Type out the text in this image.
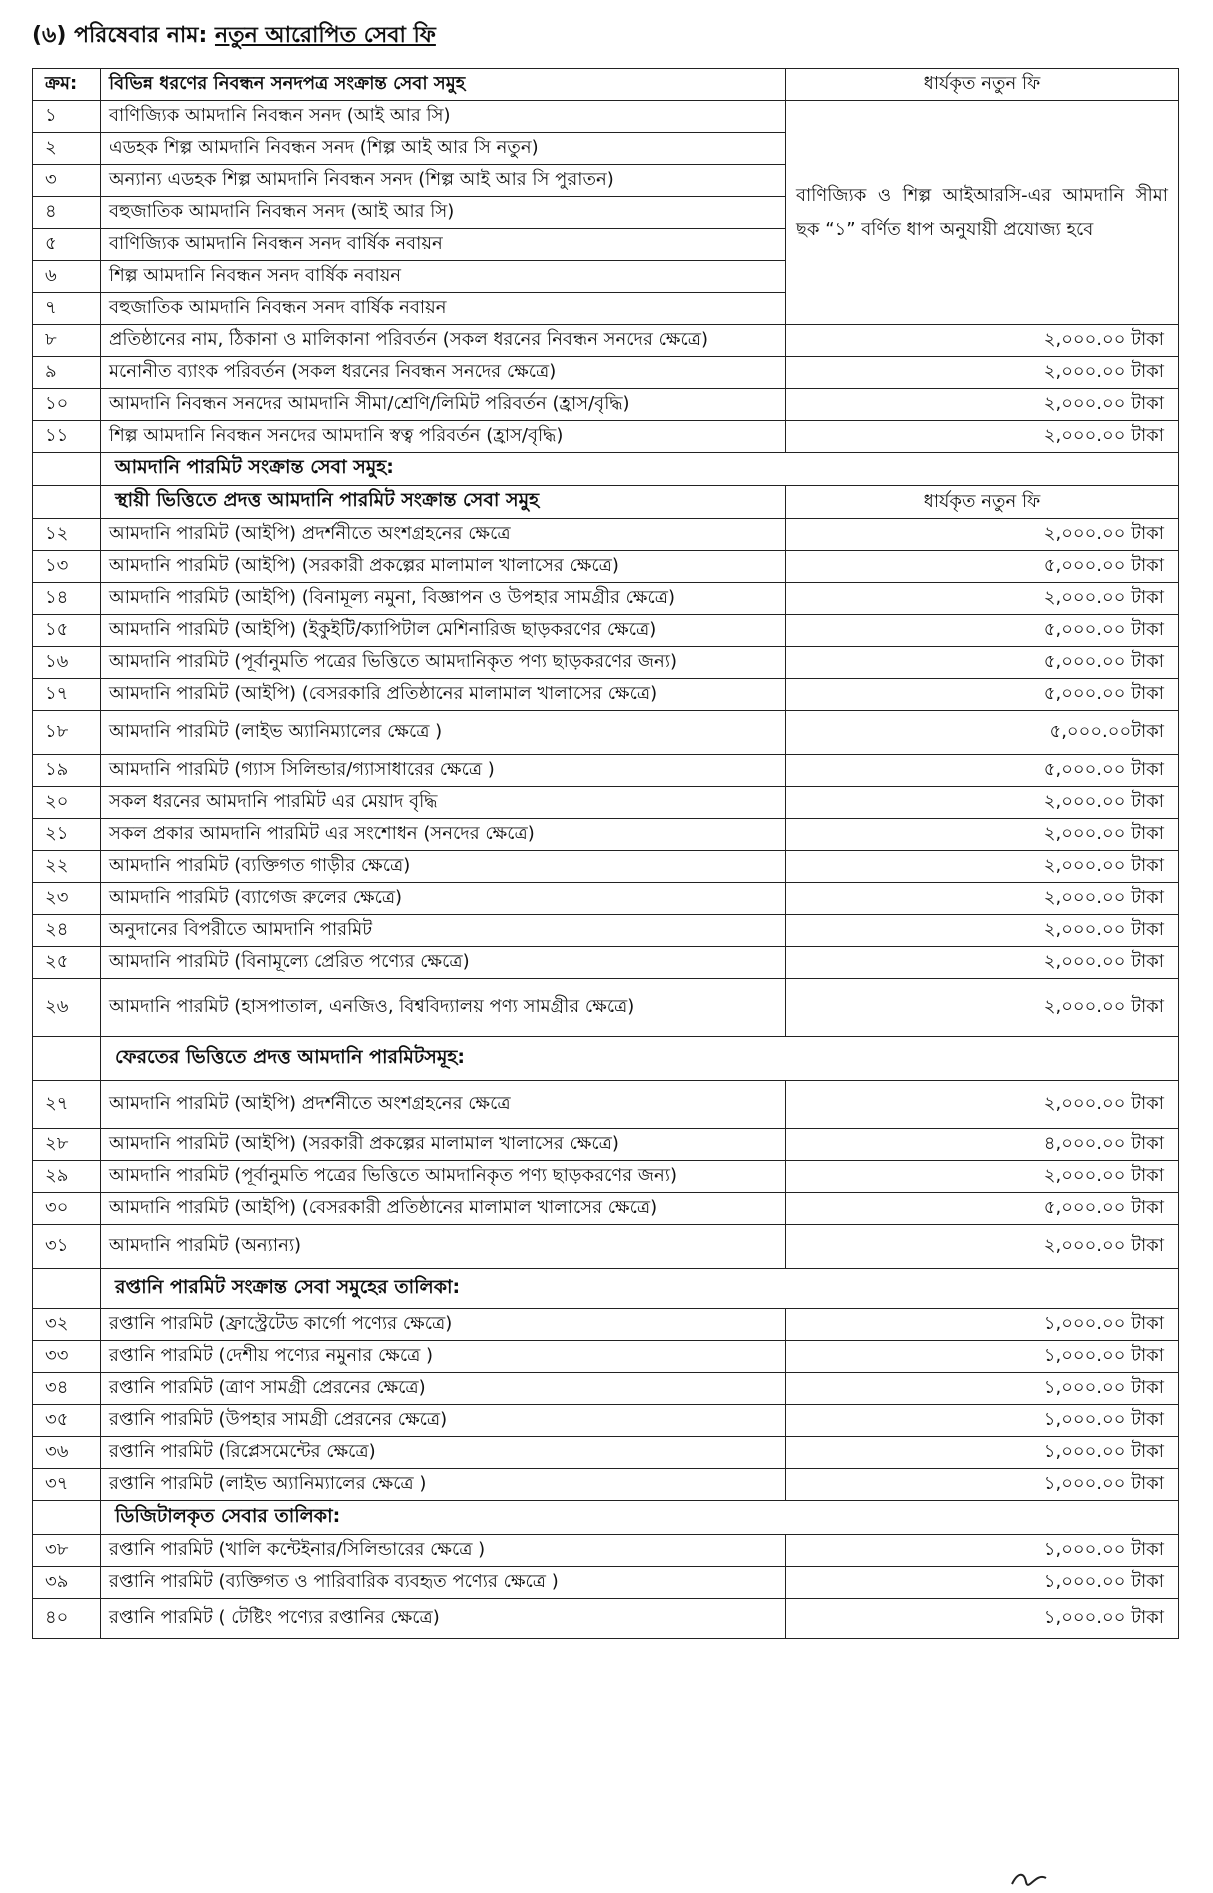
(৬) পরিষেবার নাম: নতুন আরোপিত সেবা ফি
ক্রম:	বিভিন্ন ধরণের নিবন্ধন সনদপত্র সংক্রান্ত সেবা সমুহ	ধার্যকৃত নতুন ফি
১	বাণিজ্যিক আমদানি নিবন্ধন সনদ (আই আর সি)	বাণিজ্যিক ও শিল্প আইআরসি-এর আমদানি সীমা ছক “১” বর্ণিত ধাপ অনুযায়ী প্রযোজ্য হবে
২	এডহক শিল্প আমদানি নিবন্ধন সনদ (শিল্প আই আর সি নতুন)	
৩	অন্যান্য এডহক শিল্প আমদানি নিবন্ধন সনদ (শিল্প আই আর সি পুরাতন)	
৪	বহুজাতিক আমদানি নিবন্ধন সনদ (আই আর সি)	
৫	বাণিজ্যিক আমদানি নিবন্ধন সনদ বার্ষিক নবায়ন	
৬	শিল্প আমদানি নিবন্ধন সনদ বার্ষিক নবায়ন	
৭	বহুজাতিক আমদানি নিবন্ধন সনদ বার্ষিক নবায়ন	
৮	প্রতিষ্ঠানের নাম, ঠিকানা ও মালিকানা পরিবর্তন (সকল ধরনের নিবন্ধন সনদের ক্ষেত্রে)	২,০০০.০০ টাকা
৯	মনোনীত ব্যাংক পরিবর্তন (সকল ধরনের নিবন্ধন সনদের ক্ষেত্রে)	২,০০০.০০ টাকা
১০	আমদানি নিবন্ধন সনদের আমদানি সীমা/শ্রেণি/লিমিট পরিবর্তন (হ্রাস/বৃদ্ধি)	২,০০০.০০ টাকা
১১	শিল্প আমদানি নিবন্ধন সনদের আমদানি স্বত্ব পরিবর্তন (হ্রাস/বৃদ্ধি)	২,০০০.০০ টাকা
	আমদানি পারমিট সংক্রান্ত সেবা সমুহ:	
	স্থায়ী ভিত্তিতে প্রদত্ত আমদানি পারমিট সংক্রান্ত সেবা সমুহ	ধার্যকৃত নতুন ফি
১২	আমদানি পারমিট (আইপি) প্রদর্শনীতে অংশগ্রহনের ক্ষেত্রে	২,০০০.০০ টাকা
১৩	আমদানি পারমিট (আইপি) (সরকারী প্রকল্পের মালামাল খালাসের ক্ষেত্রে)	৫,০০০.০০ টাকা
১৪	আমদানি পারমিট (আইপি) (বিনামূল্য নমুনা, বিজ্ঞাপন ও উপহার সামগ্রীর ক্ষেত্রে)	২,০০০.০০ টাকা
১৫	আমদানি পারমিট (আইপি) (ইকুইটি/ক্যাপিটাল মেশিনারিজ ছাড়করণের ক্ষেত্রে)	৫,০০০.০০ টাকা
১৬	আমদানি পারমিট (পূর্বানুমতি পত্রের ভিত্তিতে আমদানিকৃত পণ্য ছাড়করণের জন্য)	৫,০০০.০০ টাকা
১৭	আমদানি পারমিট (আইপি) (বেসরকারি প্রতিষ্ঠানের মালামাল খালাসের ক্ষেত্রে)	৫,০০০.০০ টাকা
১৮	আমদানি পারমিট (লাইভ অ্যানিম্যালের ক্ষেত্রে )	৫,০০০.০০টাকা
১৯	আমদানি পারমিট (গ্যাস সিলিন্ডার/গ্যাসাধারের ক্ষেত্রে )	৫,০০০.০০ টাকা
২০	সকল ধরনের আমদানি পারমিট এর মেয়াদ বৃদ্ধি	২,০০০.০০ টাকা
২১	সকল প্রকার আমদানি পারমিট এর সংশোধন (সনদের ক্ষেত্রে)	২,০০০.০০ টাকা
২২	আমদানি পারমিট (ব্যক্তিগত গাড়ীর ক্ষেত্রে)	২,০০০.০০ টাকা
২৩	আমদানি পারমিট (ব্যাগেজ রুলের ক্ষেত্রে)	২,০০০.০০ টাকা
২৪	অনুদানের বিপরীতে আমদানি পারমিট	২,০০০.০০ টাকা
২৫	আমদানি পারমিট (বিনামূল্যে প্রেরিত পণ্যের ক্ষেত্রে)	২,০০০.০০ টাকা
২৬	আমদানি পারমিট (হাসপাতাল, এনজিও, বিশ্ববিদ্যালয় পণ্য সামগ্রীর ক্ষেত্রে)	২,০০০.০০ টাকা
	ফেরতের ভিত্তিতে প্রদত্ত আমদানি পারমিটসমূহ:	
২৭	আমদানি পারমিট (আইপি) প্রদর্শনীতে অংশগ্রহনের ক্ষেত্রে	২,০০০.০০ টাকা
২৮	আমদানি পারমিট (আইপি) (সরকারী প্রকল্পের মালামাল খালাসের ক্ষেত্রে)	৪,০০০.০০ টাকা
২৯	আমদানি পারমিট (পূর্বানুমতি পত্রের ভিত্তিতে আমদানিকৃত পণ্য ছাড়করণের জন্য)	২,০০০.০০ টাকা
৩০	আমদানি পারমিট (আইপি) (বেসরকারী প্রতিষ্ঠানের মালামাল খালাসের ক্ষেত্রে)	৫,০০০.০০ টাকা
৩১	আমদানি পারমিট (অন্যান্য)	২,০০০.০০ টাকা
	রপ্তানি পারমিট সংক্রান্ত সেবা সমুহের তালিকা:	
৩২	রপ্তানি পারমিট (ফ্রাস্ট্রেটেড কার্গো পণ্যের ক্ষেত্রে)	১,০০০.০০ টাকা
৩৩	রপ্তানি পারমিট (দেশীয় পণ্যের নমুনার ক্ষেত্রে )	১,০০০.০০ টাকা
৩৪	রপ্তানি পারমিট (ত্রাণ সামগ্রী প্রেরনের ক্ষেত্রে)	১,০০০.০০ টাকা
৩৫	রপ্তানি পারমিট (উপহার সামগ্রী প্রেরনের ক্ষেত্রে)	১,০০০.০০ টাকা
৩৬	রপ্তানি পারমিট (রিপ্লেসমেন্টের ক্ষেত্রে)	১,০০০.০০ টাকা
৩৭	রপ্তানি পারমিট (লাইভ অ্যানিম্যালের ক্ষেত্রে )	১,০০০.০০ টাকা
	ডিজিটালকৃত সেবার তালিকা:	
৩৮	রপ্তানি পারমিট (খালি কন্টেইনার/সিলিন্ডারের ক্ষেত্রে )	১,০০০.০০ টাকা
৩৯	রপ্তানি পারমিট (ব্যক্তিগত ও পারিবারিক ব্যবহৃত পণ্যের ক্ষেত্রে )	১,০০০.০০ টাকা
৪০	রপ্তানি পারমিট ( টেষ্টিং পণ্যের রপ্তানির ক্ষেত্রে)	১,০০০.০০ টাকা
